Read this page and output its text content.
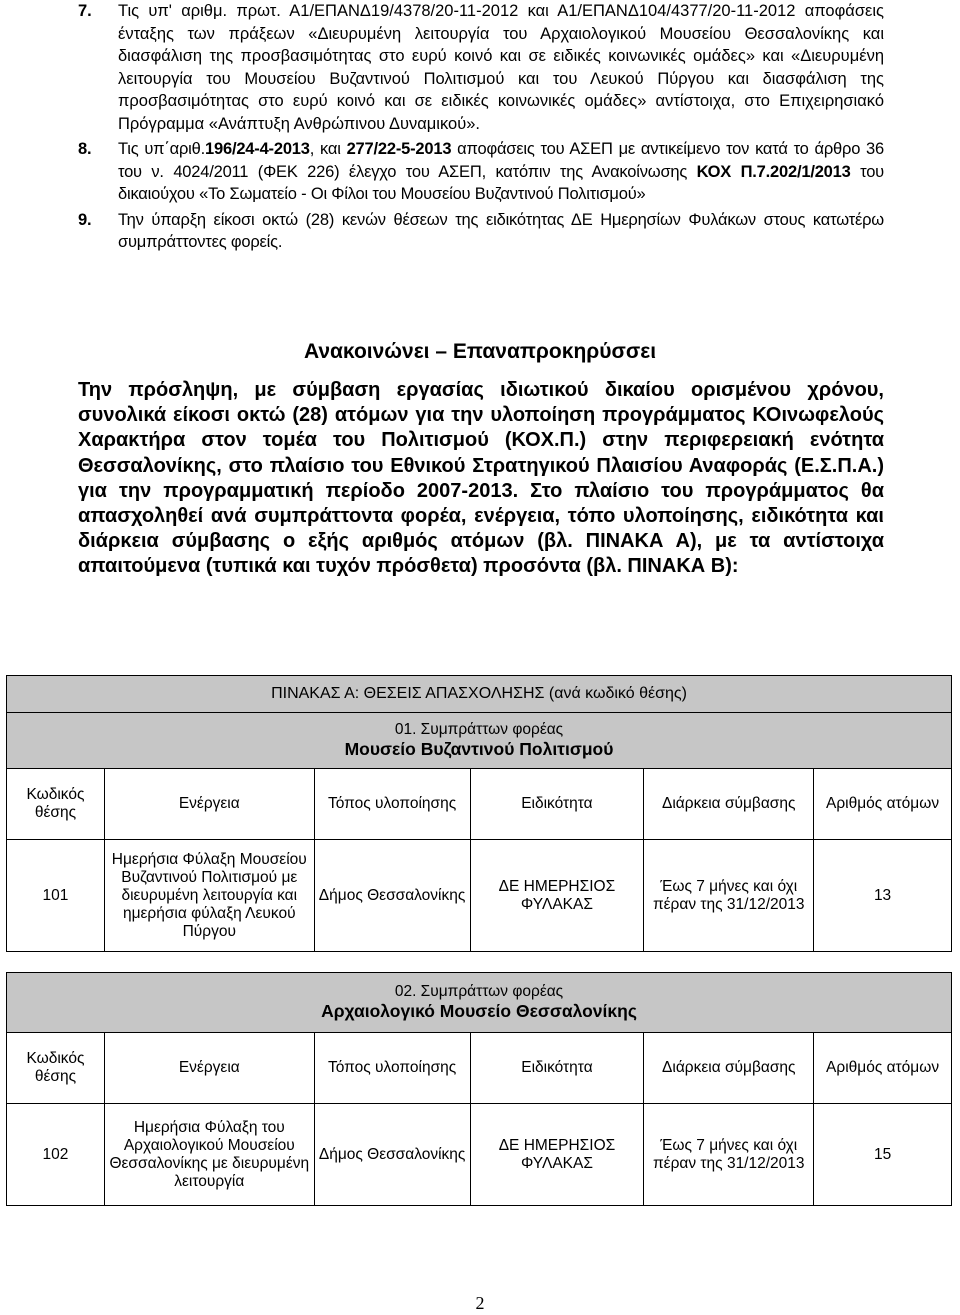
7. Τις υπ' αριθμ. πρωτ. Α1/ΕΠΑΝΔ19/4378/20-11-2012 και Α1/ΕΠΑΝΔ104/4377/20-11-2012 αποφάσεις ένταξης των πράξεων «Διευρυμένη λειτουργία του Αρχαιολογικού Μουσείου Θεσσαλονίκης και διασφάλιση της προσβασιμότητας στο ευρύ κοινό και σε ειδικές κοινωνικές ομάδες» και «Διευρυμένη λειτουργία του Μουσείου Βυζαντινού Πολιτισμού και του Λευκού Πύργου και διασφάλιση της προσβασιμότητας στο ευρύ κοινό και σε ειδικές κοινωνικές ομάδες» αντίστοιχα, στο Επιχειρησιακό Πρόγραμμα «Ανάπτυξη Ανθρώπινου Δυναμικού».
8. Τις υπ΄αριθ.196/24-4-2013, και 277/22-5-2013 αποφάσεις του ΑΣΕΠ με αντικείμενο τον κατά το άρθρο 36 του ν. 4024/2011 (ΦΕΚ 226) έλεγχο του ΑΣΕΠ, κατόπιν της Ανακοίνωσης ΚΟΧ Π.7.202/1/2013 του δικαιούχου «Το Σωματείο - Οι Φίλοι του Μουσείου Βυζαντινού Πολιτισμού»
9. Την ύπαρξη είκοσι οκτώ (28) κενών θέσεων της ειδικότητας ΔΕ Ημερησίων Φυλάκων στους κατωτέρω συμπράττοντες φορείς.
Ανακοινώνει – Επαναπροκηρύσσει
Την πρόσληψη, με σύμβαση εργασίας ιδιωτικού δικαίου ορισμένου χρόνου, συνολικά είκοσι οκτώ (28) ατόμων για την υλοποίηση προγράμματος ΚΟινωφελούς Χαρακτήρα στον τομέα του Πολιτισμού (ΚΟΧ.Π.) στην περιφερειακή ενότητα Θεσσαλονίκης, στο πλαίσιο του Εθνικού Στρατηγικού Πλαισίου Αναφοράς (Ε.Σ.Π.Α.) για την προγραμματική περίοδο 2007-2013. Στο πλαίσιο του προγράμματος θα απασχοληθεί ανά συμπράττοντα φορέα, ενέργεια, τόπο υλοποίησης, ειδικότητα και διάρκεια σύμβασης ο εξής αριθμός ατόμων (βλ. ΠΙΝΑΚΑ Α), με τα αντίστοιχα απαιτούμενα (τυπικά και τυχόν πρόσθετα) προσόντα (βλ. ΠΙΝΑΚΑ Β):
ΠΙΝΑΚΑΣ Α: ΘΕΣΕΙΣ ΑΠΑΣΧΟΛΗΣΗΣ (ανά κωδικό θέσης)					

01. Συμπράττων φορέας
Μουσείο Βυζαντινού Πολιτισμού					

Κωδικός θέσης	Ενέργεια	Τόπος υλοποίησης	Ειδικότητα	Διάρκεια σύμβασης	Αριθμός ατόμων
101	Ημερήσια Φύλαξη Μουσείου Βυζαντινού Πολιτισμού με διευρυμένη λειτουργία και ημερήσια φύλαξη Λευκού Πύργου	Δήμος Θεσσαλονίκης	ΔΕ ΗΜΕΡΗΣΙΟΣ ΦΥΛΑΚΑΣ	Έως 7 μήνες και όχι πέραν της 31/12/2013	13
02. Συμπράττων φορέας
Αρχαιολογικό Μουσείο Θεσσαλονίκης					

Κωδικός θέσης	Ενέργεια	Τόπος υλοποίησης	Ειδικότητα	Διάρκεια σύμβασης	Αριθμός ατόμων
102	Ημερήσια Φύλαξη του Αρχαιολογικού Μουσείου Θεσσαλονίκης με διευρυμένη λειτουργία	Δήμος Θεσσαλονίκης	ΔΕ ΗΜΕΡΗΣΙΟΣ ΦΥΛΑΚΑΣ	Έως 7 μήνες και όχι πέραν της 31/12/2013	15
2
